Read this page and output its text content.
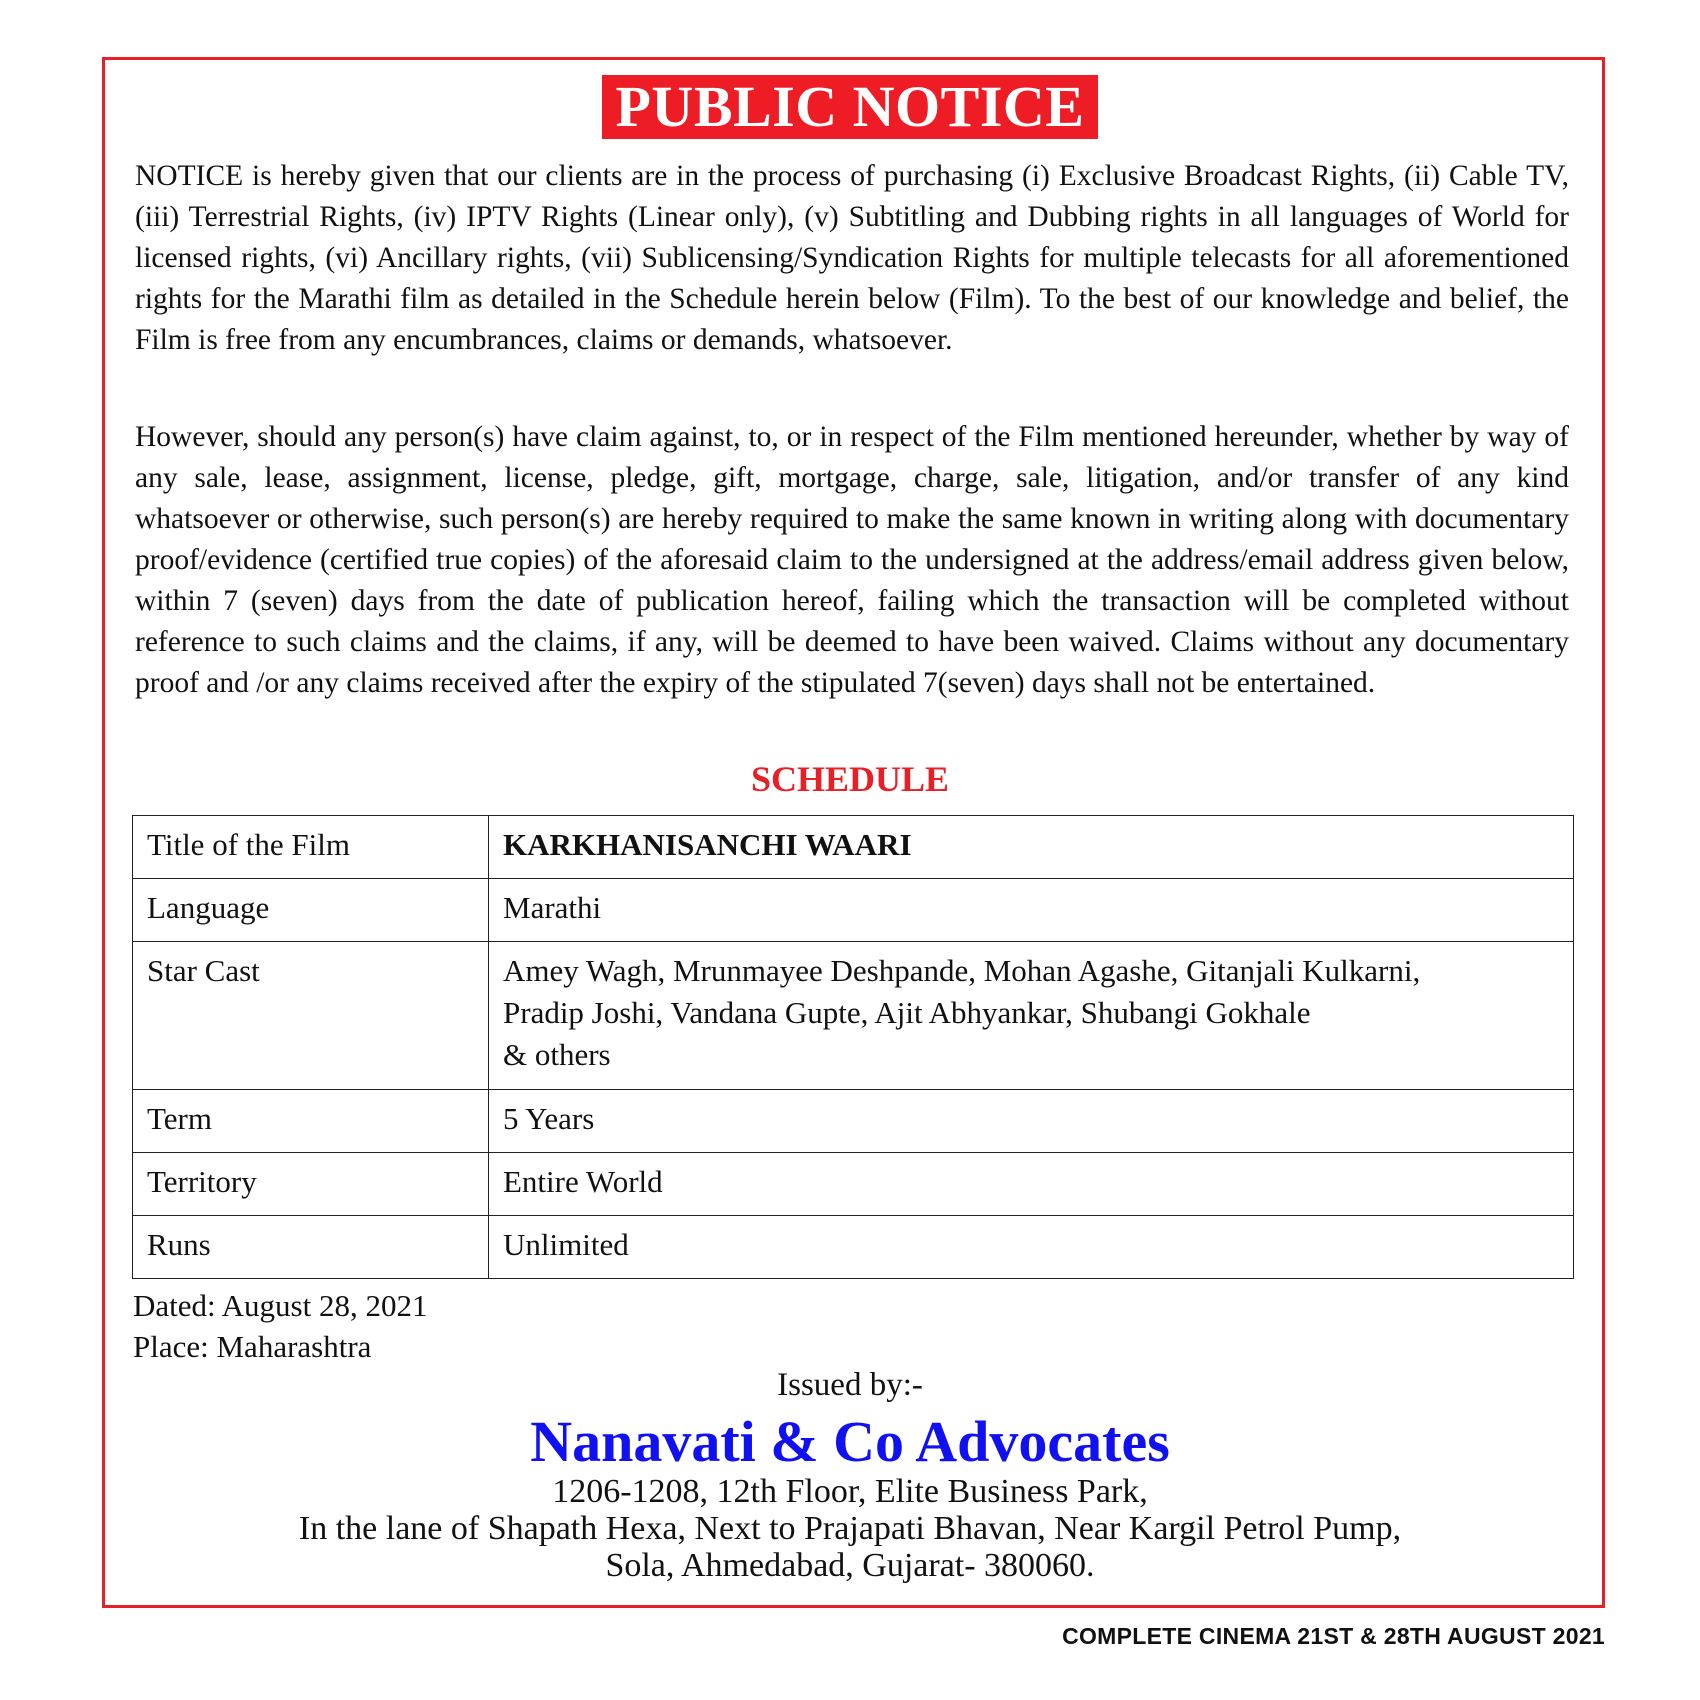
PUBLIC NOTICE

NOTICE is hereby given that our clients are in the process of purchasing (i) Exclusive Broadcast Rights, (ii) Cable TV, (iii) Terrestrial Rights, (iv) IPTV Rights (Linear only), (v) Subtitling and Dubbing rights in all languages of World for licensed rights, (vi) Ancillary rights, (vii) Sublicensing/Syndication Rights for multiple telecasts for all aforementioned rights for the Marathi film as detailed in the Schedule herein below (Film). To the best of our knowledge and belief, the Film is free from any encumbrances, claims or demands, whatsoever.

However, should any person(s) have claim against, to, or in respect of the Film mentioned hereunder, whether by way of any sale, lease, assignment, license, pledge, gift, mortgage, charge, sale, litigation, and/or transfer of any kind whatsoever or otherwise, such person(s) are hereby required to make the same known in writing along with documentary proof/evidence (certified true copies) of the aforesaid claim to the undersigned at the address/email address given below, within 7 (seven) days from the date of publication hereof, failing which the transaction will be completed without reference to such claims and the claims, if any, will be deemed to have been waived. Claims without any documentary proof and /or any claims received after the expiry of the stipulated 7(seven) days shall not be entertained.

SCHEDULE
Title of the Film	KARKHANISANCHI WAARI
Language	Marathi
Star Cast	Amey Wagh, Mrunmayee Deshpande, Mohan Agashe, Gitanjali Kulkarni,
Pradip Joshi, Vandana Gupte, Ajit Abhyankar, Shubangi Gokhale
& others

Term	5 Years
Territory	Entire World
Runs	Unlimited
Dated: August 28, 2021
Place: Maharashtra
Issued by:-
Nanavati & Co Advocates
1206-1208, 12th Floor, Elite Business Park,
In the lane of Shapath Hexa, Next to Prajapati Bhavan, Near Kargil Petrol Pump,
Sola, Ahmedabad, Gujarat- 380060.
COMPLETE CINEMA 21ST & 28TH AUGUST 2021
